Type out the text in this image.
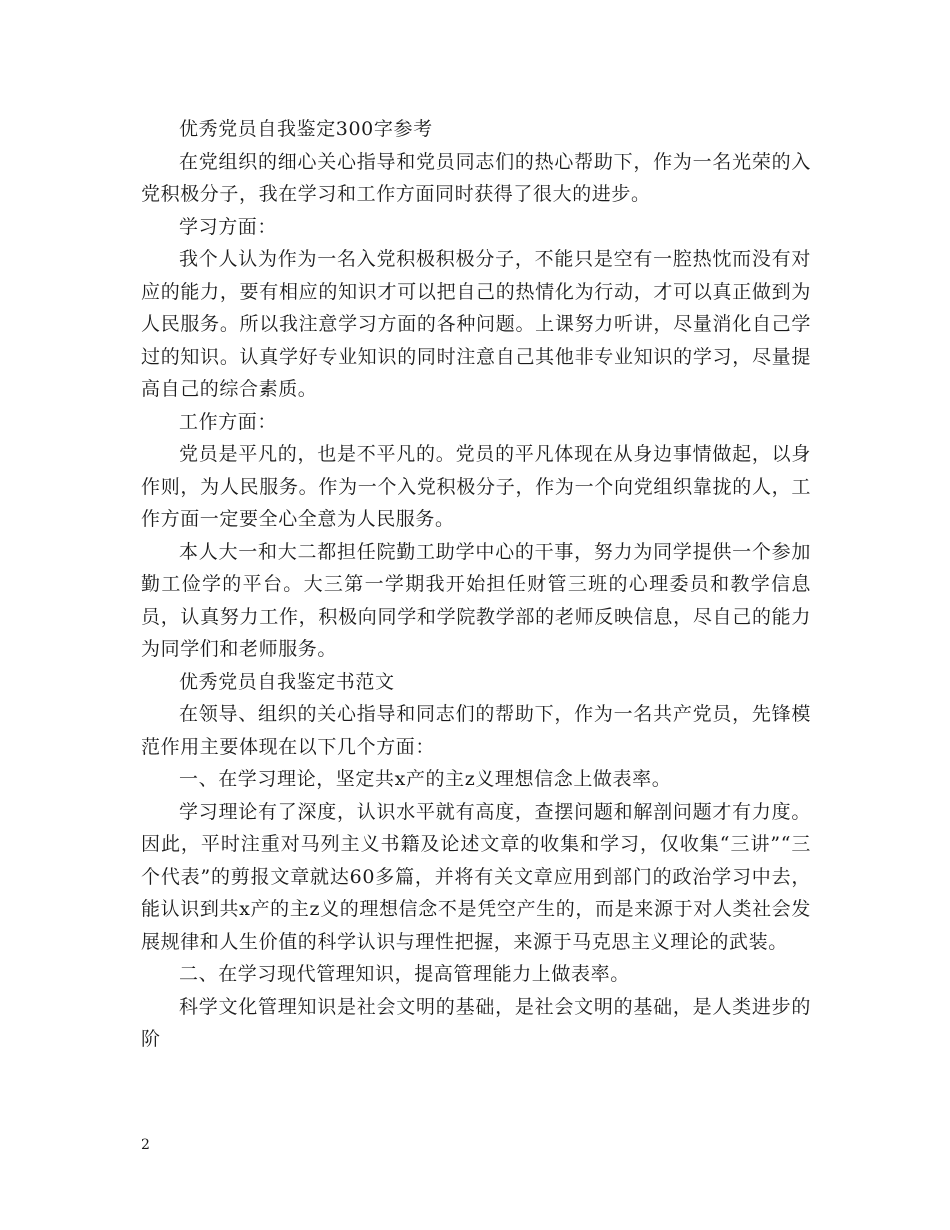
优秀党员自我鉴定300字参考

在党组织的细心关心指导和党员同志们的热心帮助下，作为一名光荣的入党积极分子，我在学习和工作方面同时获得了很大的进步。

学习方面：

我个人认为作为一名入党积极积极分子，不能只是空有一腔热忱而没有对应的能力，要有相应的知识才可以把自己的热情化为行动，才可以真正做到为人民服务。所以我注意学习方面的各种问题。上课努力听讲，尽量消化自己学过的知识。认真学好专业知识的同时注意自己其他非专业知识的学习，尽量提高自己的综合素质。

工作方面：

党员是平凡的，也是不平凡的。党员的平凡体现在从身边事情做起，以身作则，为人民服务。作为一个入党积极分子，作为一个向党组织靠拢的人，工作方面一定要全心全意为人民服务。

本人大一和大二都担任院勤工助学中心的干事，努力为同学提供一个参加勤工俭学的平台。大三第一学期我开始担任财管三班的心理委员和教学信息员，认真努力工作，积极向同学和学院教学部的老师反映信息，尽自己的能力为同学们和老师服务。

优秀党员自我鉴定书范文

在领导、组织的关心指导和同志们的帮助下，作为一名共产党员，先锋模范作用主要体现在以下几个方面：

一、在学习理论，坚定共x产的主z义理想信念上做表率。

学习理论有了深度，认识水平就有高度，查摆问题和解剖问题才有力度。因此，平时注重对马列主义书籍及论述文章的收集和学习，仅收集“三讲”“三个代表”的剪报文章就达60多篇，并将有关文章应用到部门的政治学习中去，能认识到共x产的主z义的理想信念不是凭空产生的，而是来源于对人类社会发展规律和人生价值的科学认识与理性把握，来源于马克思主义理论的武装。

二、在学习现代管理知识，提高管理能力上做表率。

科学文化管理知识是社会文明的基础，是社会文明的基础，是人类进步的阶

2
